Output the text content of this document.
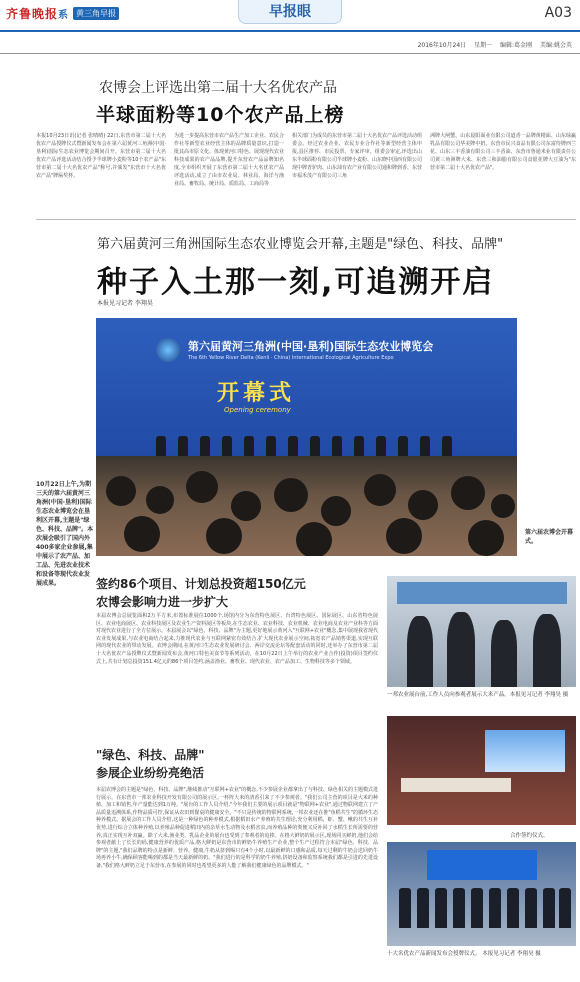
齐鲁晚报系 黄三角早报	早报眼	A03
2016年10月24日 星期一 编辑:葛金刚 美编:姚会英
农博会上评选出第二届十大名优农产品
半球面粉等10个农产品上榜
本报10月23日讯(记者 张晴晴) 22日,东营市第二届十大名优农产品授牌仪式暨新闻发布会在第六届黄河三角洲(中国·垦利)国际生态农业博览会期间召开。东营市第二届十大名优农产品评选活动结合授予半球牌小麦粉等10个农产品"东营市第二届十大名优农产品"称号,并颁发"东营市十大名优农产品"牌匾奖杯。
为进一步提高东营市农产品生产加工企业、农民合作社等新型农业经营主体的品牌质量意识,打造一批其高市原文化、体现黄河口特色、展现现代农业科技成果的农产品品牌,提升东营农产品品牌知名度,全市组织开展了东营市第二届十大名优农产品评选活动,成立了由市农业局、林业局、海洋与渔业局、畜牧局、统计局、质监局、工商局等
相关部门为成员的东营市第二届十大名优农产品评选活动组委会。经过农业企业、农民专业合作社等新型经营主体申报,县区推荐、市民投票、专家评审、组委会审定,评选出山东半球面粉有限公司半球牌小麦粉、山东晓中国西有限公司现中牌青驴肉、山东油有农产业有限公司通和牌到香、东营市福禾茂产有限公司三角
洲牌大闸蟹、山东晨阳面业有限公司道香一品牌黄精面、山东绿赢乳品有限公司华美牌中奶、东营市民兴食品有限公司东富待牌西兰花、山东三丰香油有限公司三丰香油、东营市鲁通米业有限责任公司黄三角洲牌大米、东营三和油脂有限公司食银花牌大豆油为"东营市第二届十大名优农产品"。
第六届黄河三角洲国际生态农业博览会开幕,主题是"绿色、科技、品牌"
种子入土那一刻,可追溯开启
本报见习记者 李翔昊
第六届黄河三角洲(中国·垦利)国际生态农业博览会
The 6th Yellow River Delta (Kenli · China) International Ecological Agriculture Expo
开幕式
Opening ceremony
10月22日上午,为期三天的第六届黄河三角洲(中国·垦利)国际生态农业博览会在垦利区开幕,主题是"绿色、科技、品牌"。本次展会吸引了国内外400多家企业参展,集中展示了农产品、加工品、先进农业技术和设备等现代农业发展成果。
第六届农博会开幕式。
签约86个项目、计划总投资超150亿元
农博会影响力进一步扩大
本届农博会总展览面积2万平方米,布置标准展位1000个,场馆内分为东营特色展区、台湾特色展区、国际展区、山东省特色展区、农业电商展区、农业科技展区及农业生产资料展区等板块,在生态农业、农业科技、农业机械、农业电商及农业产业科等方面对现代农业进行了全方位展示。本届展会以"绿色、科技、品牌"为主题,更好地展示黄河入"互联网+农业"概念,集中展现我省现代农业发展成果,与农业电商结合起来,力推现代农业与互联网紧密有效结合,扩大现代农业展示空间,拓宽农产品销售渠道,实现互联网的现代农业的带动发展。农博会期间,在黄河口生态农业发展研讨会、两岸交流论坛等配套活动的同时,还举办了东营市第二届十大名优农产品授牌仪式暨新闻发布会,黄河口特色美食节等系列活动。在10月22日上午举行的农业产业合作(投资)项目签约仪式上,共有计划总投资151.4亿元的86个项目签约,涵盖渔业、畜牧业、现代农业、农产品加工、生物科技等多个领域。
"绿色、科技、品牌"
参展企业纷纷亮绝活
本届农博会的主题是"绿色、科技、品牌",继续推动"互联网+农业"的概念,不少参展企业都拿出了与科技、绿色相关的主题模式进行展示。在东营市一邦农业科技开发有限公司的展示区,一杯阵大米的清香引来了不少参观者。"我们公司主营的项目是大米的种植、加工和销售,年产量能达到1万吨。"展台的工作人员介绍,"今年我们主要的展示项目就是"物联网+农业",通过物联网建立了产品质量追溯体系,作物品质可控,保证从农田到餐桌的健康安全。"不只是传统的物联网系统,一邦农业还在推"鱼稻共生"的循环生态种养模式。据展会的工作人员介绍,这是一种绿色的种养模式,根据稻田水产养殖的共生理论,充分利用稻、虾、蟹、鳅的共生互补优势,进行综合立体种养殖,以养殖品种促进稻田内的杂草水生动物及水稻害虫,而养殖品种的粪便又反补回了水稻生长所需要的营养,真正实现互补双赢。除了大米,渔业类、乳品企业的展台也受到了参观者的追捧。在格大鲜奶的展示区,现场同买鲜奶,他们会给参观者献上了长长的码,健康营养的优质产品,格大鲜奶是东营市的鲜奶牛养殖生产企业,整个生产过程符合本届"绿色、科技、品牌"的主题,"我们品牌的特点是新鲜、营养、健康,牛奶从挤到喝只有4个小时,以最新鲜的口感和品质,每天过剩的牛奶会送回奶牛场再养小牛,确保顾客能喝到的都是当天最新鲜的奶。"我们进行的是科学的奶牛养殖,挤奶设备和监察系统我们都是引进的先进设备,"我们格大鲜奶立足于东营市,在参展的同时也希望更多的人能了解我们健康绿色的品牌模式。"
一邦农业展台前,工作人员向参观者展示大米产品。本报见习记者 李翔昊 摄
合作签约仪式。
十大名优农产品新闻发布会授牌仪式。 本报见习记者 李翔昊 摄
